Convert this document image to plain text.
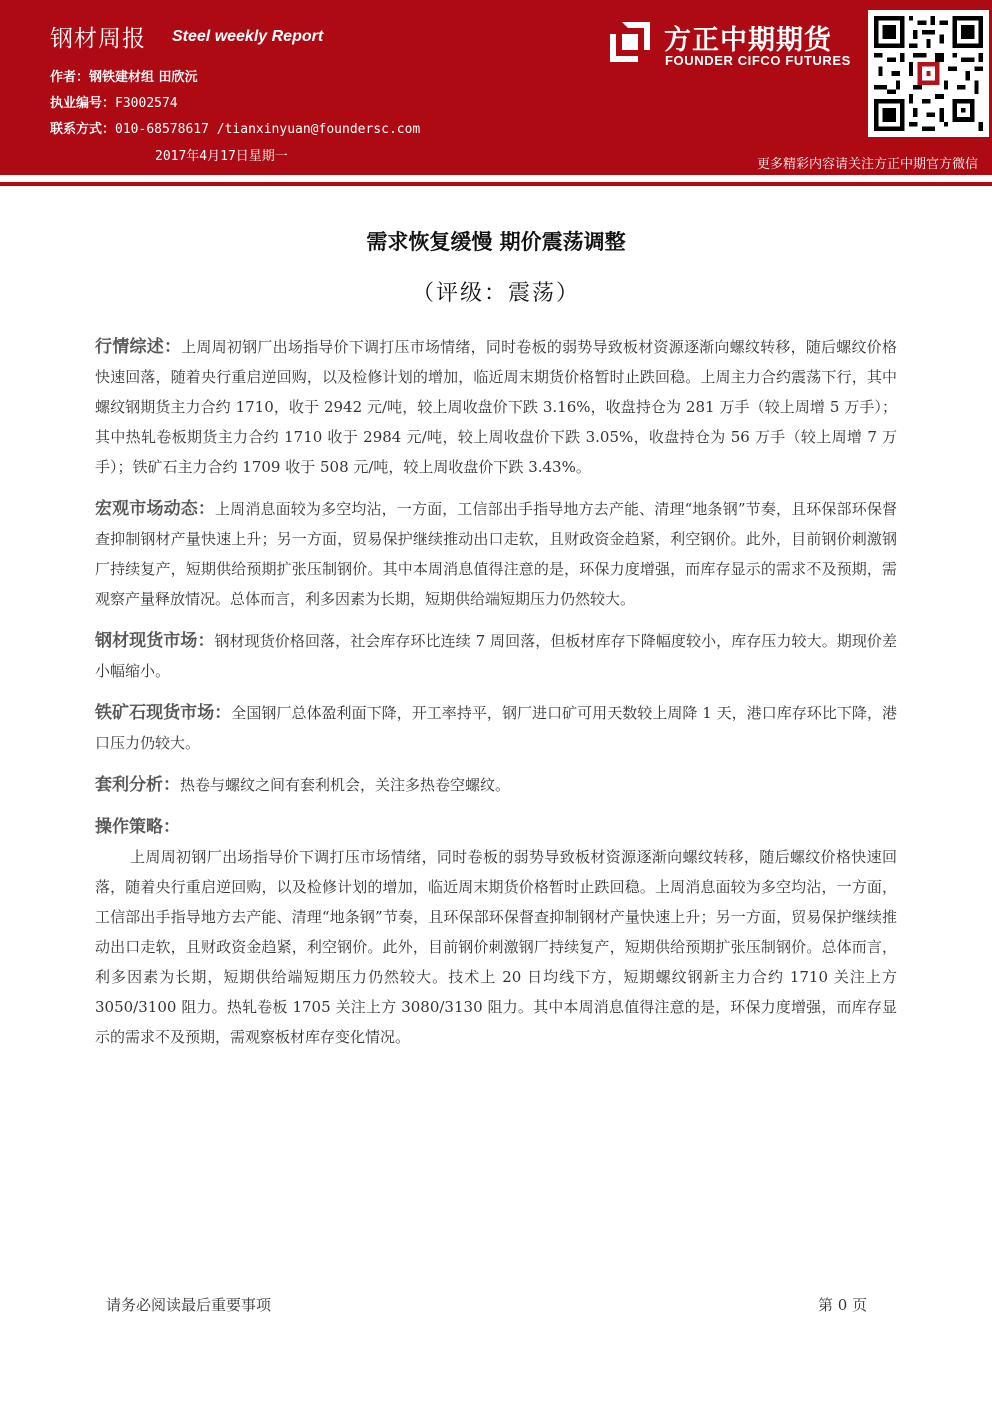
钢材周报 Steel weekly Report
作者：钢铁建材组 田欣沅
执业编号：F3002574
联系方式：010-68578617 /tianxinyuan@foundersc.com
2017年4月17日星期一
方正中期期货
FOUNDER CIFCO FUTURES
更多精彩内容请关注方正中期官方微信
需求恢复缓慢 期价震荡调整
（评级：震荡）

行情综述：上周周初钢厂出场指导价下调打压市场情绪，同时卷板的弱势导致板材资源逐渐向螺纹转移，随后螺纹价格快速回落，随着央行重启逆回购，以及检修计划的增加，临近周末期货价格暂时止跌回稳。上周主力合约震荡下行，其中螺纹钢期货主力合约 1710，收于 2942 元/吨，较上周收盘价下跌 3.16%，收盘持仓为 281 万手（较上周增 5 万手）；其中热轧卷板期货主力合约 1710 收于 2984 元/吨，较上周收盘价下跌 3.05%，收盘持仓为 56 万手（较上周增 7 万手）；铁矿石主力合约 1709 收于 508 元/吨，较上周收盘价下跌 3.43%。

宏观市场动态：上周消息面较为多空均沾，一方面，工信部出手指导地方去产能、清理“地条钢”节奏，且环保部环保督查抑制钢材产量快速上升；另一方面，贸易保护继续推动出口走软，且财政资金趋紧，利空钢价。此外，目前钢价刺激钢厂持续复产，短期供给预期扩张压制钢价。其中本周消息值得注意的是，环保力度增强，而库存显示的需求不及预期，需观察产量释放情况。总体而言，利多因素为长期，短期供给端短期压力仍然较大。

钢材现货市场：钢材现货价格回落，社会库存环比连续 7 周回落，但板材库存下降幅度较小，库存压力较大。期现价差小幅缩小。

铁矿石现货市场：全国钢厂总体盈利面下降，开工率持平，钢厂进口矿可用天数较上周降 1 天，港口库存环比下降，港口压力仍较大。

套利分析：热卷与螺纹之间有套利机会，关注多热卷空螺纹。

操作策略：

上周周初钢厂出场指导价下调打压市场情绪，同时卷板的弱势导致板材资源逐渐向螺纹转移，随后螺纹价格快速回落，随着央行重启逆回购，以及检修计划的增加，临近周末期货价格暂时止跌回稳。上周消息面较为多空均沾，一方面，工信部出手指导地方去产能、清理“地条钢”节奏，且环保部环保督查抑制钢材产量快速上升；另一方面，贸易保护继续推动出口走软，且财政资金趋紧，利空钢价。此外，目前钢价刺激钢厂持续复产，短期供给预期扩张压制钢价。总体而言，利多因素为长期，短期供给端短期压力仍然较大。技术上 20 日均线下方，短期螺纹钢新主力合约 1710 关注上方 3050/3100 阻力。热轧卷板 1705 关注上方 3080/3130 阻力。其中本周消息值得注意的是，环保力度增强，而库存显示的需求不及预期，需观察板材库存变化情况。

请务必阅读最后重要事项	第 0 页
